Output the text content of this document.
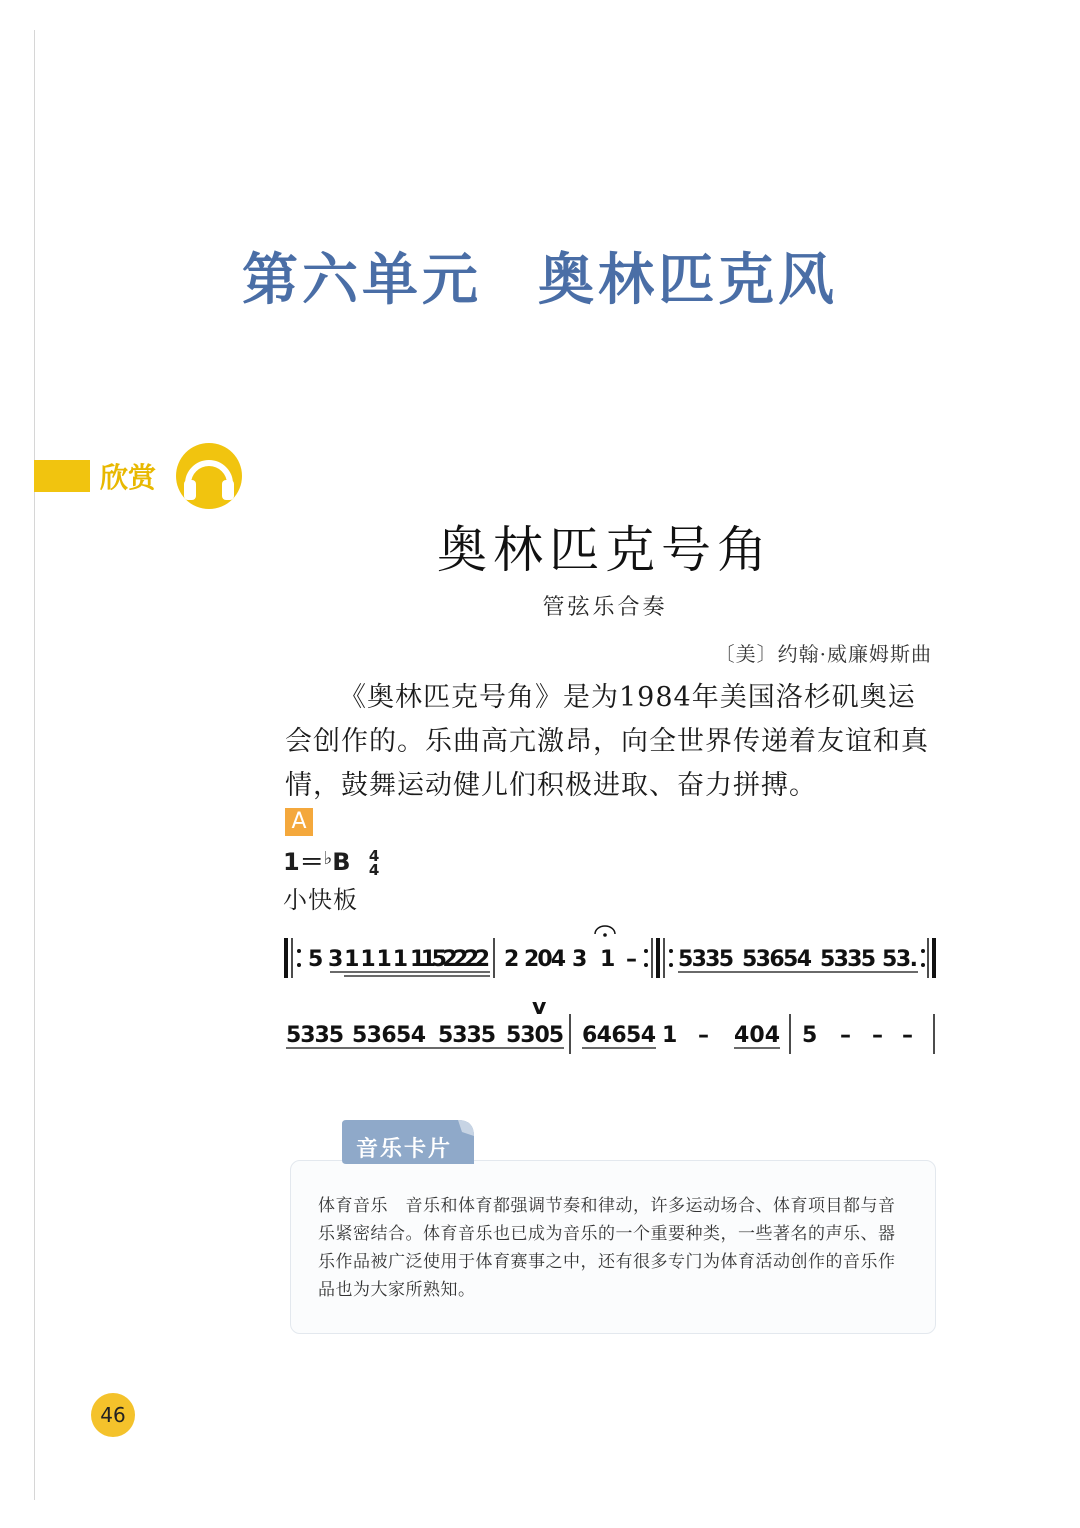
第六单元 奥林匹克风
欣赏
奥林匹克号角
管弦乐合奏
〔美〕约翰·威廉姆斯曲

《奥林匹克号角》是为1984年美国洛杉矶奥运会创作的。乐曲高亢激昂，向全世界传递着友谊和真情，鼓舞运动健儿们积极进取、奋力拼搏。

A
1＝♭B 4
4
小快板
5 31111 1152222 2 204 3 1 – 5335 53654 5335 53.
5335 53654 5335 5305
v
64654 1 – 404 5 – – –
音乐卡片

体育音乐　音乐和体育都强调节奏和律动，许多运动场合、体育项目都与音乐紧密结合。体育音乐也已成为音乐的一个重要种类，一些著名的声乐、器乐作品被广泛使用于体育赛事之中，还有很多专门为体育活动创作的音乐作品也为大家所熟知。

46
